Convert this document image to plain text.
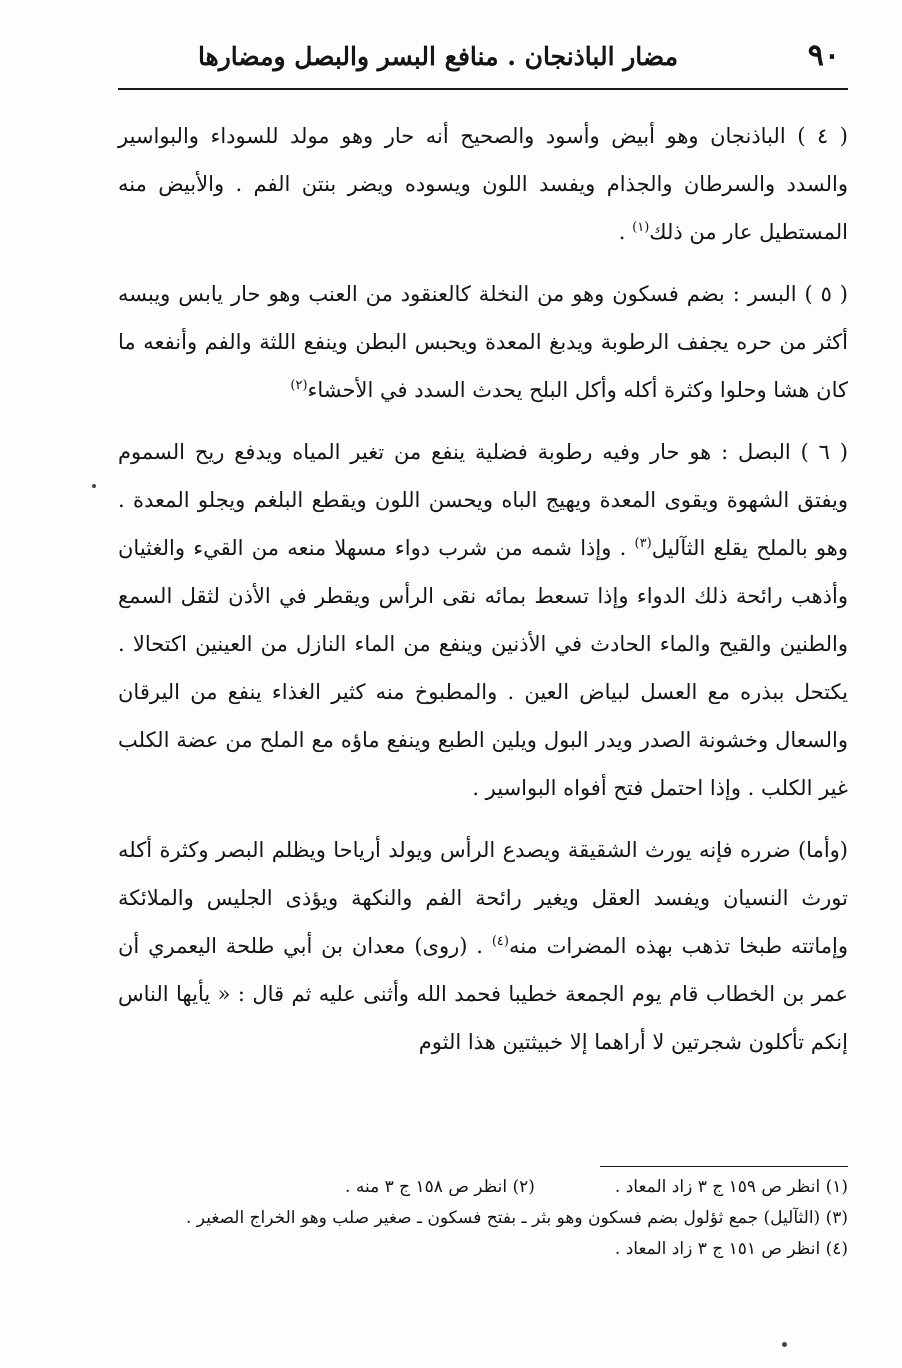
٩٠
مضار الباذنجان . منافع البسر والبصل ومضارها

( ٤ ) الباذنجان وهو أبيض وأسود والصحيح أنه حار وهو مولد للسوداء والبواسير والسدد والسرطان والجذام ويفسد اللون ويسوده ويضر بنتن الفم . والأبيض منه المستطيل عار من ذلك$^{(١)}$ .

( ٥ ) البسر : بضم فسكون وهو من النخلة كالعنقود من العنب وهو حار يابس ويبسه أكثر من حره يجفف الرطوبة ويدبغ المعدة ويحبس البطن وينفع اللثة والفم وأنفعه ما كان هشا وحلوا وكثرة أكله وأكل البلح يحدث السدد في الأحشاء$^{(٢)}$

( ٦ ) البصل : هو حار وفيه رطوبة فضلية ينفع من تغير المياه ويدفع ريح السموم ويفتق الشهوة ويقوى المعدة ويهيج الباه ويحسن اللون ويقطع البلغم ويجلو المعدة . وهو بالملح يقلع الثآليل$^{(٣)}$ . وإذا شمه من شرب دواء مسهلا منعه من القيء والغثيان وأذهب رائحة ذلك الدواء وإذا تسعط بمائه نقى الرأس ويقطر في الأذن لثقل السمع والطنين والقيح والماء الحادث في الأذنين وينفع من الماء النازل من العينين اكتحالا . يكتحل ببذره مع العسل لبياض العين . والمطبوخ منه كثير الغذاء ينفع من اليرقان والسعال وخشونة الصدر ويدر البول ويلين الطبع وينفع ماؤه مع الملح من عضة الكلب غير الكلب . وإذا احتمل فتح أفواه البواسير .

(وأما) ضرره فإنه يورث الشقيقة ويصدع الرأس ويولد أرياحا ويظلم البصر وكثرة أكله تورث النسيان ويفسد العقل ويغير رائحة الفم والنكهة ويؤذى الجليس والملائكة وإماتته طبخا تذهب بهذه المضرات منه$^{(٤)}$ . (روى) معدان بن أبي طلحة اليعمري أن عمر بن الخطاب قام يوم الجمعة خطيبا فحمد الله وأثنى عليه ثم قال : « يأيها الناس إنكم تأكلون شجرتين لا أراهما إلا خبيثتين هذا الثوم

(١) انظر ص ١٥٩ ج ٣ زاد المعاد .(٢) انظر ص ١٥٨ ج ٣ منه .
(٣) (الثآليل) جمع ثؤلول بضم فسكون وهو بثر ـ بفتح فسكون ـ صغير صلب وهو الخراج الصغير .
(٤) انظر ص ١٥١ ج ٣ زاد المعاد .
